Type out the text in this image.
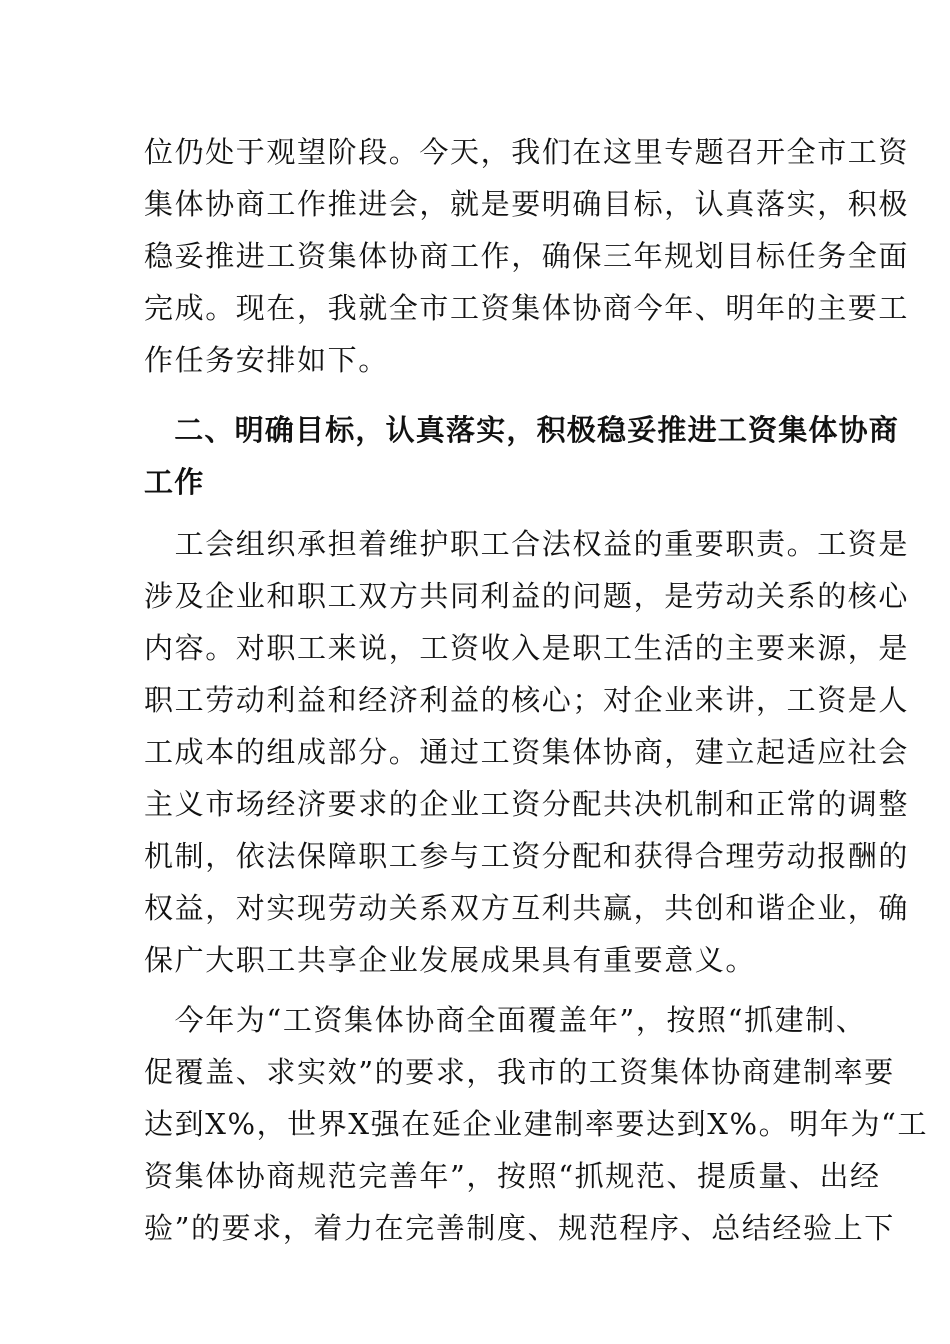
位仍处于观望阶段。今天，我们在这里专题召开全市工资
集体协商工作推进会，就是要明确目标，认真落实，积极
稳妥推进工资集体协商工作，确保三年规划目标任务全面
完成。现在，我就全市工资集体协商今年、明年的主要工
作任务安排如下。
　二、明确目标，认真落实，积极稳妥推进工资集体协商
工作
　工会组织承担着维护职工合法权益的重要职责。工资是
涉及企业和职工双方共同利益的问题，是劳动关系的核心
内容。对职工来说，工资收入是职工生活的主要来源，是
职工劳动利益和经济利益的核心；对企业来讲，工资是人
工成本的组成部分。通过工资集体协商，建立起适应社会
主义市场经济要求的企业工资分配共决机制和正常的调整
机制，依法保障职工参与工资分配和获得合理劳动报酬的
权益，对实现劳动关系双方互利共赢，共创和谐企业，确
保广大职工共享企业发展成果具有重要意义。
　今年为“工资集体协商全面覆盖年”，按照“抓建制、
促覆盖、求实效”的要求，我市的工资集体协商建制率要
达到X%，世界X强在延企业建制率要达到X%。明年为“工
资集体协商规范完善年”，按照“抓规范、提质量、出经
验”的要求，着力在完善制度、规范程序、总结经验上下
